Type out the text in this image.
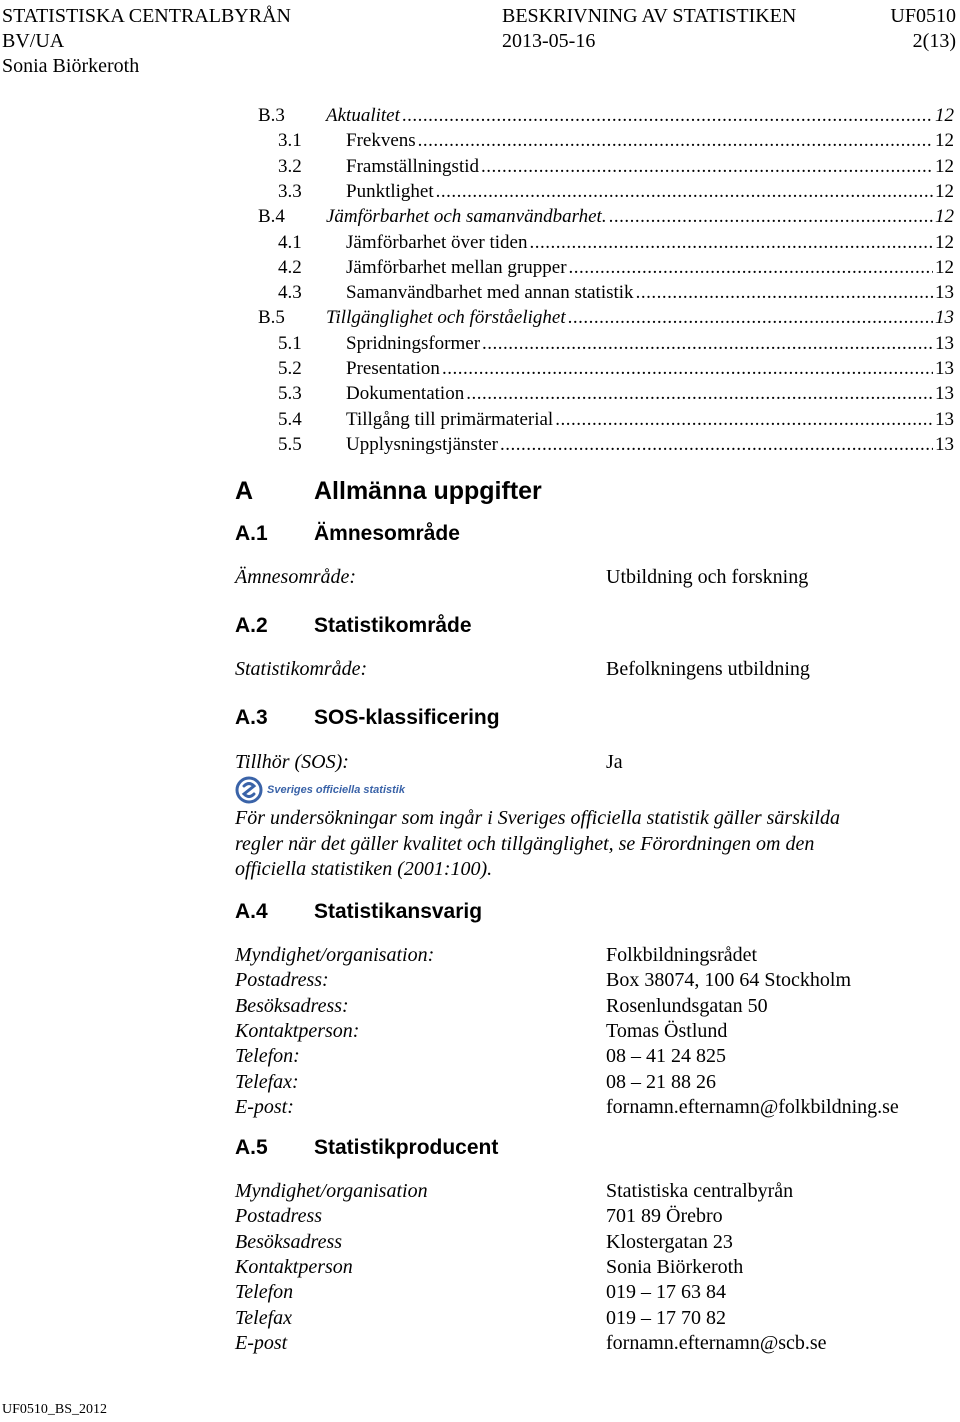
STATISTISKA CENTRALBYRÅN	BESKRIVNING AV STATISTIKEN	UF0510
BV/UA	2013-05-16	2(13)
Sonia Biörkeroth
B.3	Aktualitet .....	12
3.1	Frekvens .....	12
3.2	Framställningstid .....	12
3.3	Punktlighet .....	12
B.4	Jämförbarhet och samanvändbarhet. .....	12
4.1	Jämförbarhet över tiden .....	12
4.2	Jämförbarhet mellan grupper .....	12
4.3	Samanvändbarhet med annan statistik .....	13
B.5	Tillgänglighet och förståelighet .....	13
5.1	Spridningsformer .....	13
5.2	Presentation .....	13
5.3	Dokumentation .....	13
5.4	Tillgång till primärmaterial .....	13
5.5	Upplysningstjänster .....	13
A Allmänna uppgifter
A.1 Ämnesområde
Ämnesområde:	Utbildning och forskning
A.2 Statistikområde
Statistikområde:	Befolkningens utbildning
A.3 SOS-klassificering
Tillhör (SOS):	Ja
Sveriges officiella statistik
För undersökningar som ingår i Sveriges officiella statistik gäller särskilda
regler när det gäller kvalitet och tillgänglighet, se Förordningen om den
officiella statistiken (2001:100).
A.4 Statistikansvarig
Myndighet/organisation:	Folkbildningsrådet
Postadress:	Box 38074, 100 64 Stockholm
Besöksadress:	Rosenlundsgatan 50
Kontaktperson:	Tomas Östlund
Telefon:	08 – 41 24 825
Telefax:	08 – 21 88 26
E-post:	fornamn.efternamn@folkbildning.se
A.5 Statistikproducent
Myndighet/organisation	Statistiska centralbyrån
Postadress	701 89 Örebro
Besöksadress	Klostergatan 23
Kontaktperson	Sonia Biörkeroth
Telefon	019 – 17 63 84
Telefax	019 – 17 70 82
E-post	fornamn.efternamn@scb.se
UF0510_BS_2012
